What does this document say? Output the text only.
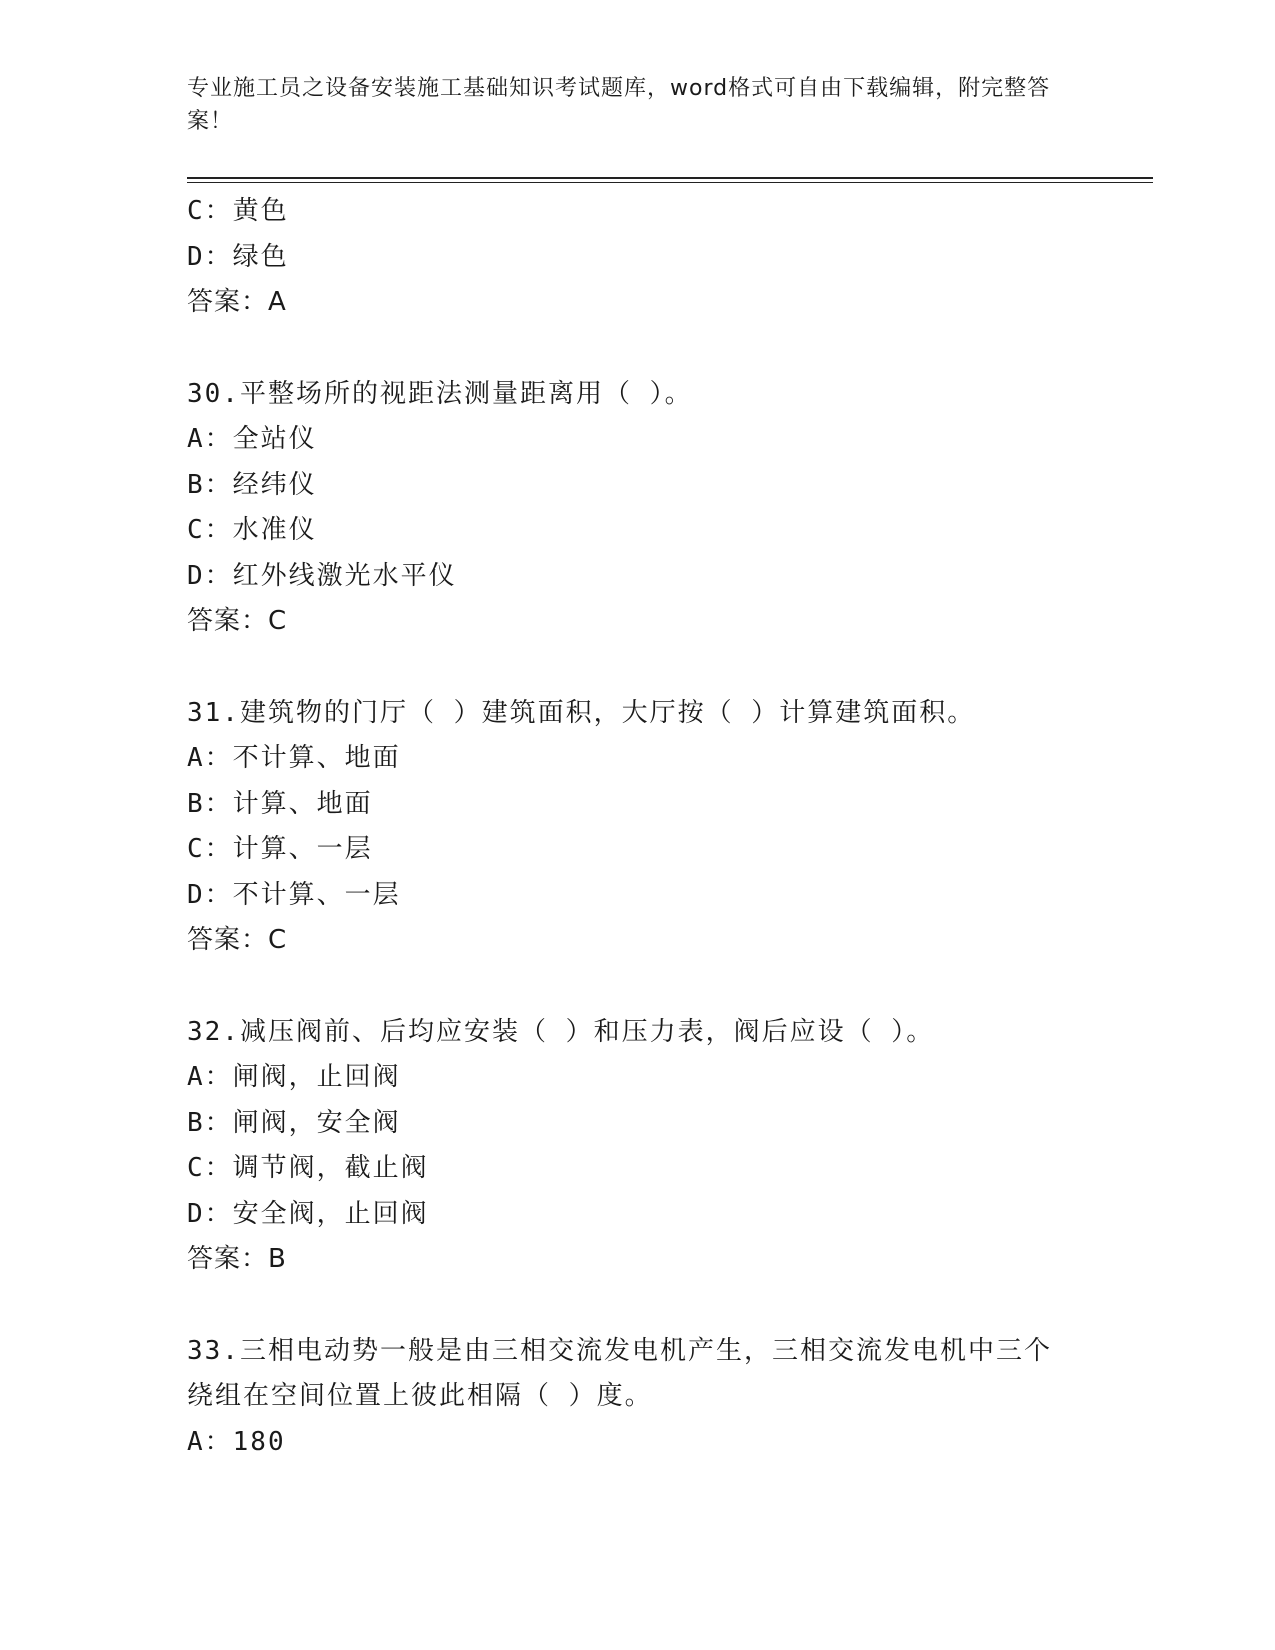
专业施工员之设备安装施工基础知识考试题库，word格式可自由下载编辑，附完整答案！
C：黄色
D：绿色
答案：A
30.平整场所的视距法测量距离用（ ）。
A：全站仪
B：经纬仪
C：水准仪
D：红外线激光水平仪
答案：C
31.建筑物的门厅（ ）建筑面积，大厅按（ ）计算建筑面积。
A：不计算、地面
B：计算、地面
C：计算、一层
D：不计算、一层
答案：C
32.减压阀前、后均应安装（ ）和压力表，阀后应设（ ）。
A：闸阀，止回阀
B：闸阀，安全阀
C：调节阀，截止阀
D：安全阀，止回阀
答案：B
33.三相电动势一般是由三相交流发电机产生，三相交流发电机中三个绕组在空间位置上彼此相隔（ ）度。
A：180
